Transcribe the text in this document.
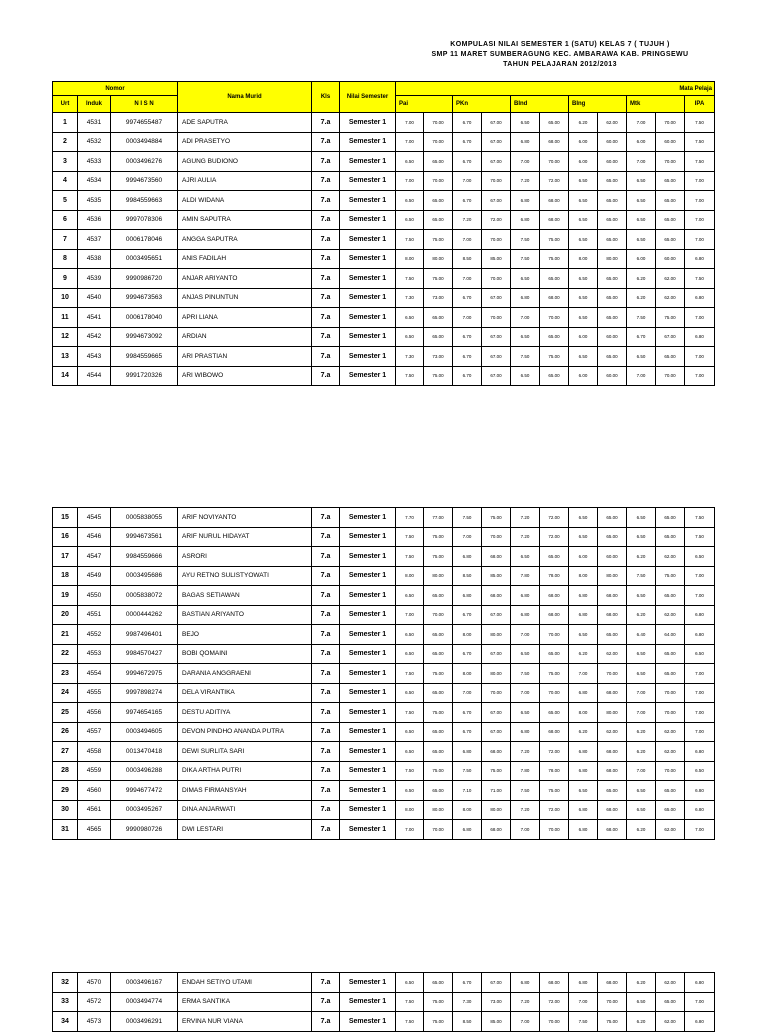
KOMPULASI NILAI SEMESTER 1 (SATU) KELAS 7 ( TUJUH )
SMP 11 MARET SUMBERAGUNG KEC. AMBARAWA KAB. PRINGSEWU
TAHUN PELAJARAN 2012/2013
Nomor			Nama Murid	Kls	Nilai Semester	Mata Pelaja										
Urt	Induk	N I S N				Pai		PKn		BInd		BIng		Mtk		IPA
1	4531	9974655487	ADE SAPUTRA	7.a	Semester 1	7.00	70.00	6.70	67.00	6.50	65.00	6.20	62.00	7.00	70.00	7.50
2	4532	0003494884	ADI PRASETYO	7.a	Semester 1	7.00	70.00	6.70	67.00	6.80	68.00	6.00	60.00	6.00	60.00	7.50
3	4533	0003496276	AGUNG BUDIONO	7.a	Semester 1	6.50	65.00	6.70	67.00	7.00	70.00	6.00	60.00	7.00	70.00	7.50
4	4534	9994673560	AJRI AULIA	7.a	Semester 1	7.00	70.00	7.00	70.00	7.20	72.00	6.50	65.00	6.50	65.00	7.00
5	4535	9984559663	ALDI WIDANA	7.a	Semester 1	6.50	65.00	6.70	67.00	6.80	68.00	6.50	65.00	6.50	65.00	7.00
6	4536	9997078306	AMIN SAPUTRA	7.a	Semester 1	6.50	65.00	7.20	72.00	6.80	68.00	6.50	65.00	6.50	65.00	7.00
7	4537	0006178046	ANGGA SAPUTRA	7.a	Semester 1	7.50	75.00	7.00	70.00	7.50	75.00	6.50	65.00	6.50	65.00	7.00
8	4538	0003495651	ANIS FADILAH	7.a	Semester 1	8.00	80.00	8.50	85.00	7.50	75.00	8.00	80.00	6.00	60.00	6.80
9	4539	9990986720	ANJAR ARIYANTO	7.a	Semester 1	7.50	75.00	7.00	70.00	6.50	65.00	6.50	65.00	6.20	62.00	7.50
10	4540	9994673563	ANJAS PINUNTUN	7.a	Semester 1	7.30	73.00	6.70	67.00	6.80	68.00	6.50	65.00	6.20	62.00	6.80
11	4541	0006178040	APRI LIANA	7.a	Semester 1	6.50	65.00	7.00	70.00	7.00	70.00	6.50	65.00	7.50	75.00	7.00
12	4542	9994673092	ARDIAN	7.a	Semester 1	6.50	65.00	6.70	67.00	6.50	65.00	6.00	60.00	6.70	67.00	6.80
13	4543	9984559665	ARI PRASTIAN	7.a	Semester 1	7.30	73.00	6.70	67.00	7.50	75.00	6.50	65.00	6.50	65.00	7.00
14	4544	9991720326	ARI WIBOWO	7.a	Semester 1	7.50	75.00	6.70	67.00	6.50	65.00	6.00	60.00	7.00	70.00	7.00
15	4545	0005838055	ARIF NOVIYANTO	7.a	Semester 1	7.70	77.00	7.50	75.00	7.20	72.00	6.50	65.00	6.50	65.00	7.50
16	4546	9994673561	ARIF NURUL HIDAYAT	7.a	Semester 1	7.50	75.00	7.00	70.00	7.20	72.00	6.50	65.00	6.50	65.00	7.50
17	4547	9984559666	ASRORI	7.a	Semester 1	7.50	75.00	6.80	68.00	6.50	65.00	6.00	60.00	6.20	62.00	6.50
18	4549	0003495686	AYU RETNO SULISTYOWATI	7.a	Semester 1	8.00	80.00	8.50	85.00	7.80	78.00	8.00	80.00	7.50	75.00	7.00
19	4550	0005838072	BAGAS SETIAWAN	7.a	Semester 1	6.50	65.00	6.80	68.00	6.80	68.00	6.80	68.00	6.50	65.00	7.00
20	4551	0000444262	BASTIAN ARIYANTO	7.a	Semester 1	7.00	70.00	6.70	67.00	6.80	68.00	6.80	68.00	6.20	62.00	6.80
21	4552	9987496401	BEJO	7.a	Semester 1	6.50	65.00	8.00	80.00	7.00	70.00	6.50	65.00	6.40	64.00	6.80
22	4553	9984570427	BOBI QOMAINI	7.a	Semester 1	6.50	65.00	6.70	67.00	6.50	65.00	6.20	62.00	6.50	65.00	6.50
23	4554	9994672975	DARANIA ANGGRAENI	7.a	Semester 1	7.50	75.00	8.00	80.00	7.50	75.00	7.00	70.00	6.50	65.00	7.00
24	4555	9997898274	DELA VIRANTIKA	7.a	Semester 1	6.50	65.00	7.00	70.00	7.00	70.00	6.80	68.00	7.00	70.00	7.00
25	4556	9974654165	DESTU ADITIYA	7.a	Semester 1	7.50	75.00	6.70	67.00	6.50	65.00	8.00	80.00	7.00	70.00	7.00
26	4557	0003494605	DEVON PINDHO ANANDA PUTRA	7.a	Semester 1	6.50	65.00	6.70	67.00	6.80	68.00	6.20	62.00	6.20	62.00	7.00
27	4558	0013470418	DEWI SURLITA SARI	7.a	Semester 1	6.50	65.00	6.80	68.00	7.20	72.00	6.80	68.00	6.20	62.00	6.80
28	4559	0003496288	DIKA ARTHA PUTRI	7.a	Semester 1	7.50	75.00	7.50	75.00	7.80	78.00	6.80	68.00	7.00	70.00	6.50
29	4560	9994677472	DIMAS FIRMANSYAH	7.a	Semester 1	6.50	65.00	7.10	71.00	7.50	75.00	6.50	65.00	6.50	65.00	6.80
30	4561	0003495267	DINA ANJARWATI	7.a	Semester 1	8.00	80.00	8.00	80.00	7.20	72.00	6.80	68.00	6.50	65.00	6.80
31	4565	9990980726	DWI LESTARI	7.a	Semester 1	7.00	70.00	6.80	68.00	7.00	70.00	6.80	68.00	6.20	62.00	7.00
32	4570	0003496167	ENDAH SETIYO UTAMI	7.a	Semester 1	6.50	65.00	6.70	67.00	6.80	68.00	6.80	68.00	6.20	62.00	6.80
33	4572	0003494774	ERMA SANTIKA	7.a	Semester 1	7.50	75.00	7.30	73.00	7.20	72.00	7.00	70.00	6.50	65.00	7.00
34	4573	0003496291	ERVINA NUR VIANA	7.a	Semester 1	7.50	75.00	8.50	85.00	7.00	70.00	7.50	75.00	6.20	62.00	6.80
